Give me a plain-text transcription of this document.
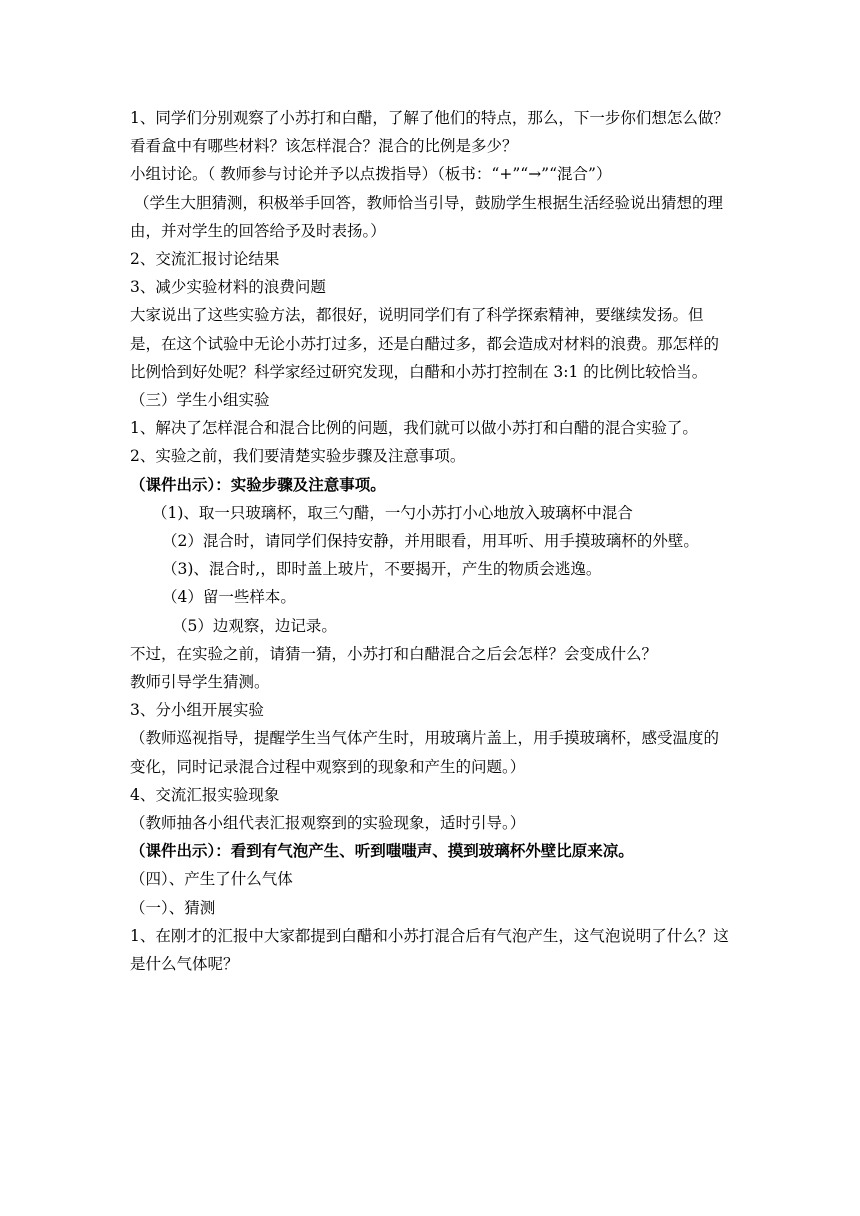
1、同学们分别观察了小苏打和白醋，了解了他们的特点，那么，下一步你们想怎么做？

看看盒中有哪些材料？该怎样混合？混合的比例是多少？

小组讨论。（ 教师参与讨论并予以点拨指导）（板书：“+”“→”“混合”）

（学生大胆猜测，积极举手回答，教师恰当引导，鼓励学生根据生活经验说出猜想的理由，并对学生的回答给予及时表扬。）

2、交流汇报讨论结果

3、减少实验材料的浪费问题

大家说出了这些实验方法，都很好，说明同学们有了科学探索精神，要继续发扬。但是，在这个试验中无论小苏打过多，还是白醋过多，都会造成对材料的浪费。那怎样的比例恰到好处呢？科学家经过研究发现，白醋和小苏打控制在 3:1 的比例比较恰当。

（三）学生小组实验

1、解决了怎样混合和混合比例的问题，我们就可以做小苏打和白醋的混合实验了。

2、实验之前，我们要清楚实验步骤及注意事项。

（课件出示）：实验步骤及注意事项。

（1)、取一只玻璃杯，取三勺醋，一勺小苏打小心地放入玻璃杯中混合

（2）混合时，请同学们保持安静，并用眼看，用耳听、用手摸玻璃杯的外壁。

（3)、混合时,，即时盖上玻片，不要揭开，产生的物质会逃逸。

（4）留一些样本。

（5）边观察，边记录。

不过，在实验之前，请猜一猜，小苏打和白醋混合之后会怎样？会变成什么？

教师引导学生猜测。

3、分小组开展实验

（教师巡视指导，提醒学生当气体产生时，用玻璃片盖上，用手摸玻璃杯，感受温度的变化，同时记录混合过程中观察到的现象和产生的问题。）

4、交流汇报实验现象

（教师抽各小组代表汇报观察到的实验现象，适时引导。）

（课件出示）：看到有气泡产生、听到嗤嗤声、摸到玻璃杯外壁比原来凉。

（四）、产生了什么气体

（一）、猜测

1、在刚才的汇报中大家都提到白醋和小苏打混合后有气泡产生，这气泡说明了什么？这是什么气体呢？
